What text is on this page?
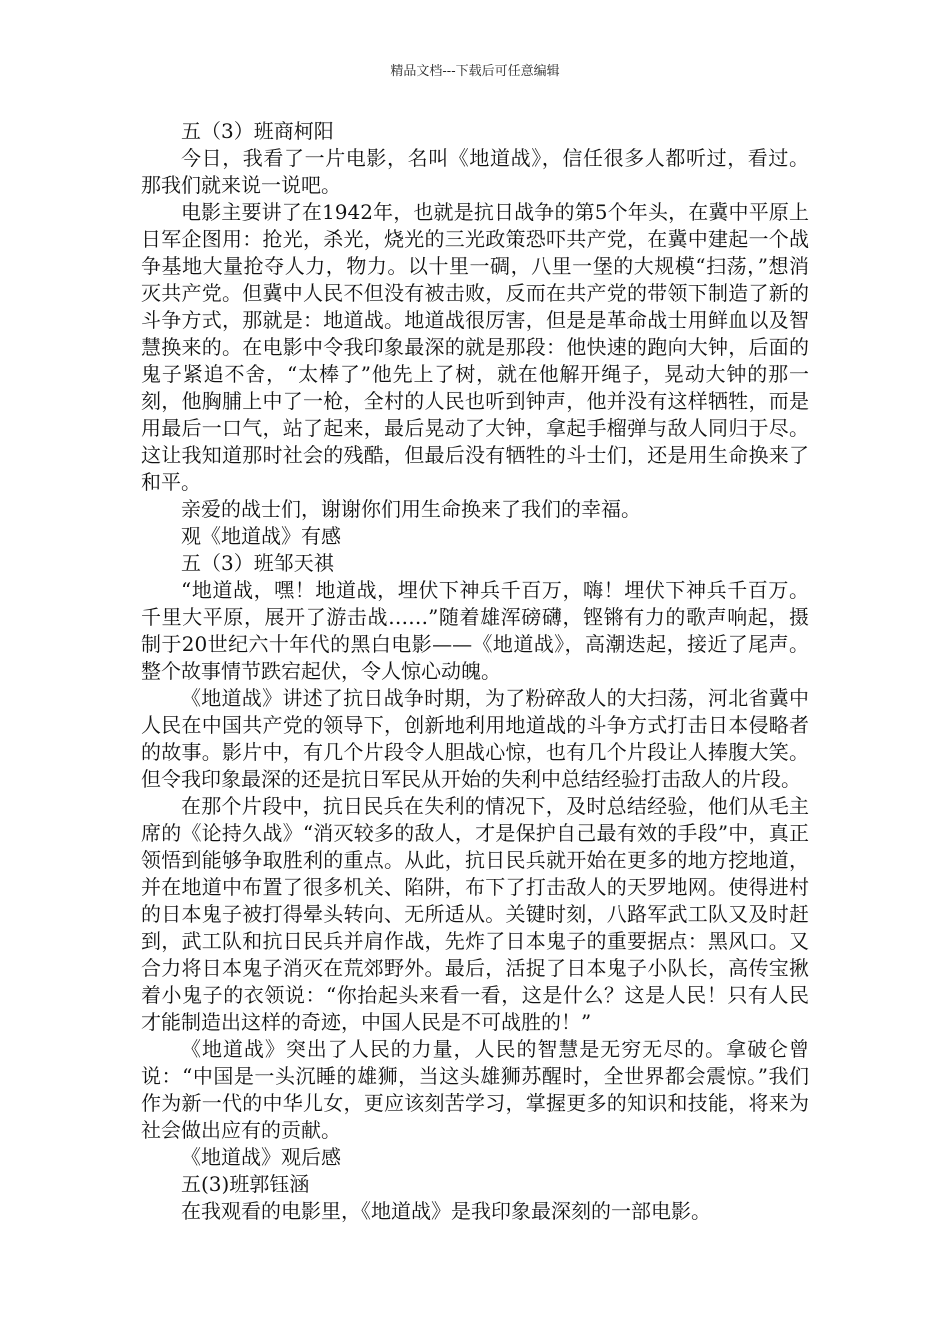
精品文档---下载后可任意编辑

五（3）班商柯阳

今日，我看了一片电影，名叫《地道战》，信任很多人都听过，看过。那我们就来说一说吧。

电影主要讲了在1942年，也就是抗日战争的第5个年头，在冀中平原上日军企图用：抢光，杀光，烧光的三光政策恐吓共产党，在冀中建起一个战争基地大量抢夺人力，物力。以十里一碉，八里一堡的大规模“扫荡，”想消灭共产党。但冀中人民不但没有被击败，反而在共产党的带领下制造了新的斗争方式，那就是：地道战。地道战很厉害，但是是革命战士用鲜血以及智慧换来的。在电影中令我印象最深的就是那段：他快速的跑向大钟，后面的鬼子紧追不舍，“太棒了”他先上了树，就在他解开绳子，晃动大钟的那一刻，他胸脯上中了一枪，全村的人民也听到钟声，他并没有这样牺牲，而是用最后一口气，站了起来，最后晃动了大钟，拿起手榴弹与敌人同归于尽。这让我知道那时社会的残酷，但最后没有牺牲的斗士们，还是用生命换来了和平。

亲爱的战士们，谢谢你们用生命换来了我们的幸福。

观《地道战》有感

五（3）班邹天祺

“地道战，嘿！地道战，埋伏下神兵千百万，嗨！埋伏下神兵千百万。千里大平原，展开了游击战……”随着雄浑磅礴，铿锵有力的歌声响起，摄制于20世纪六十年代的黑白电影——《地道战》，高潮迭起，接近了尾声。整个故事情节跌宕起伏，令人惊心动魄。

《地道战》讲述了抗日战争时期，为了粉碎敌人的大扫荡，河北省冀中人民在中国共产党的领导下，创新地利用地道战的斗争方式打击日本侵略者的故事。影片中，有几个片段令人胆战心惊，也有几个片段让人捧腹大笑。但令我印象最深的还是抗日军民从开始的失利中总结经验打击敌人的片段。

在那个片段中，抗日民兵在失利的情况下，及时总结经验，他们从毛主席的《论持久战》“消灭较多的敌人，才是保护自己最有效的手段”中，真正领悟到能够争取胜利的重点。从此，抗日民兵就开始在更多的地方挖地道，并在地道中布置了很多机关、陷阱，布下了打击敌人的天罗地网。使得进村的日本鬼子被打得晕头转向、无所适从。关键时刻，八路军武工队又及时赶到，武工队和抗日民兵并肩作战，先炸了日本鬼子的重要据点：黑风口。又合力将日本鬼子消灭在荒郊野外。最后，活捉了日本鬼子小队长，高传宝揪着小鬼子的衣领说：“你抬起头来看一看，这是什么？这是人民！只有人民才能制造出这样的奇迹，中国人民是不可战胜的！”

《地道战》突出了人民的力量，人民的智慧是无穷无尽的。拿破仑曾说：“中国是一头沉睡的雄狮，当这头雄狮苏醒时，全世界都会震惊。”我们作为新一代的中华儿女，更应该刻苦学习，掌握更多的知识和技能，将来为社会做出应有的贡献。

《地道战》观后感

五(3)班郭钰涵

在我观看的电影里，《地道战》是我印象最深刻的一部电影。
